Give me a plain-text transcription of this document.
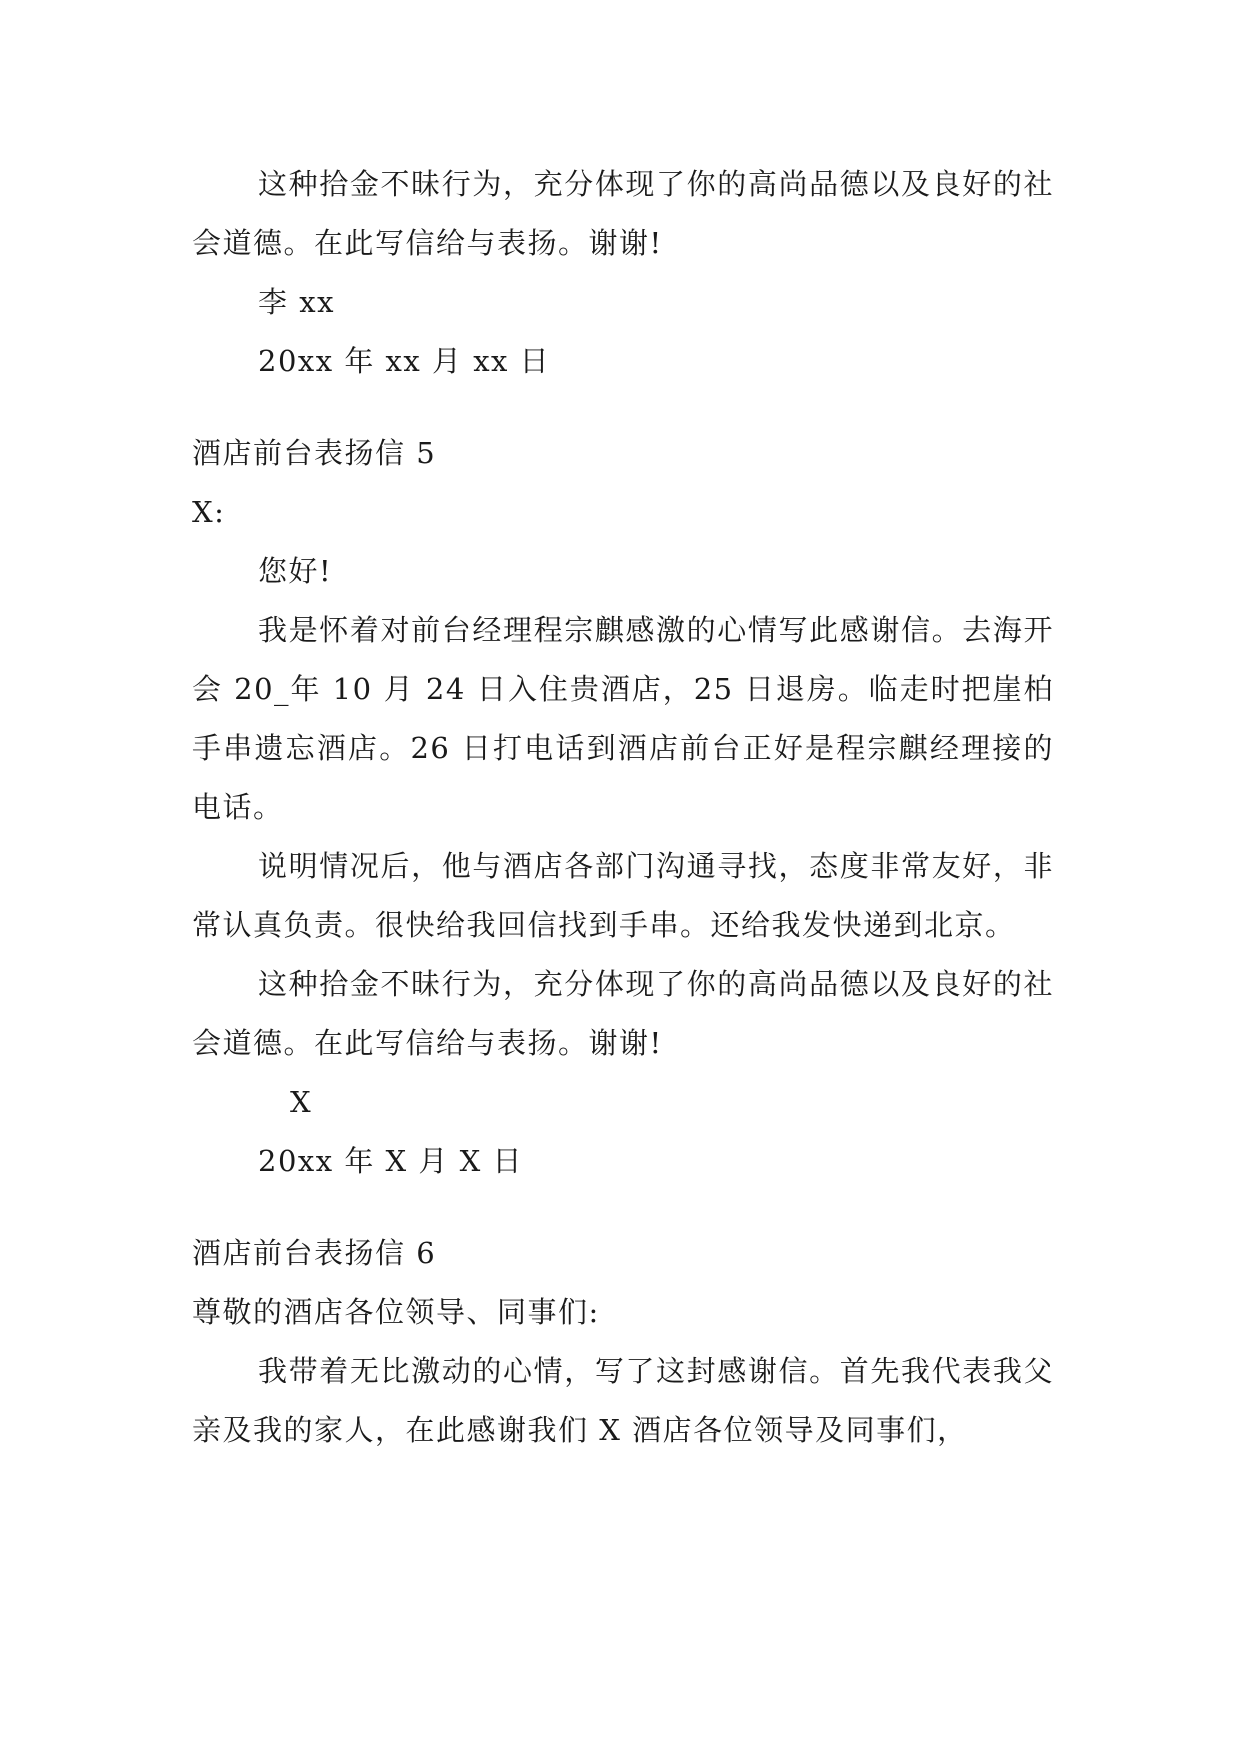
这种拾金不昧行为，充分体现了你的高尚品德以及良好的社会道德。在此写信给与表扬。谢谢!

李 xx

20xx 年 xx 月 xx 日

酒店前台表扬信 5

X:

您好!

我是怀着对前台经理程宗麒感激的心情写此感谢信。去海开会 20_年 10 月 24 日入住贵酒店，25 日退房。临走时把崖柏手串遗忘酒店。26 日打电话到酒店前台正好是程宗麒经理接的电话。

说明情况后，他与酒店各部门沟通寻找，态度非常友好，非常认真负责。很快给我回信找到手串。还给我发快递到北京。

这种拾金不昧行为，充分体现了你的高尚品德以及良好的社会道德。在此写信给与表扬。谢谢!

X

20xx 年 X 月 X 日

酒店前台表扬信 6

尊敬的酒店各位领导、同事们:

我带着无比激动的心情，写了这封感谢信。首先我代表我父亲及我的家人，在此感谢我们 X 酒店各位领导及同事们，
